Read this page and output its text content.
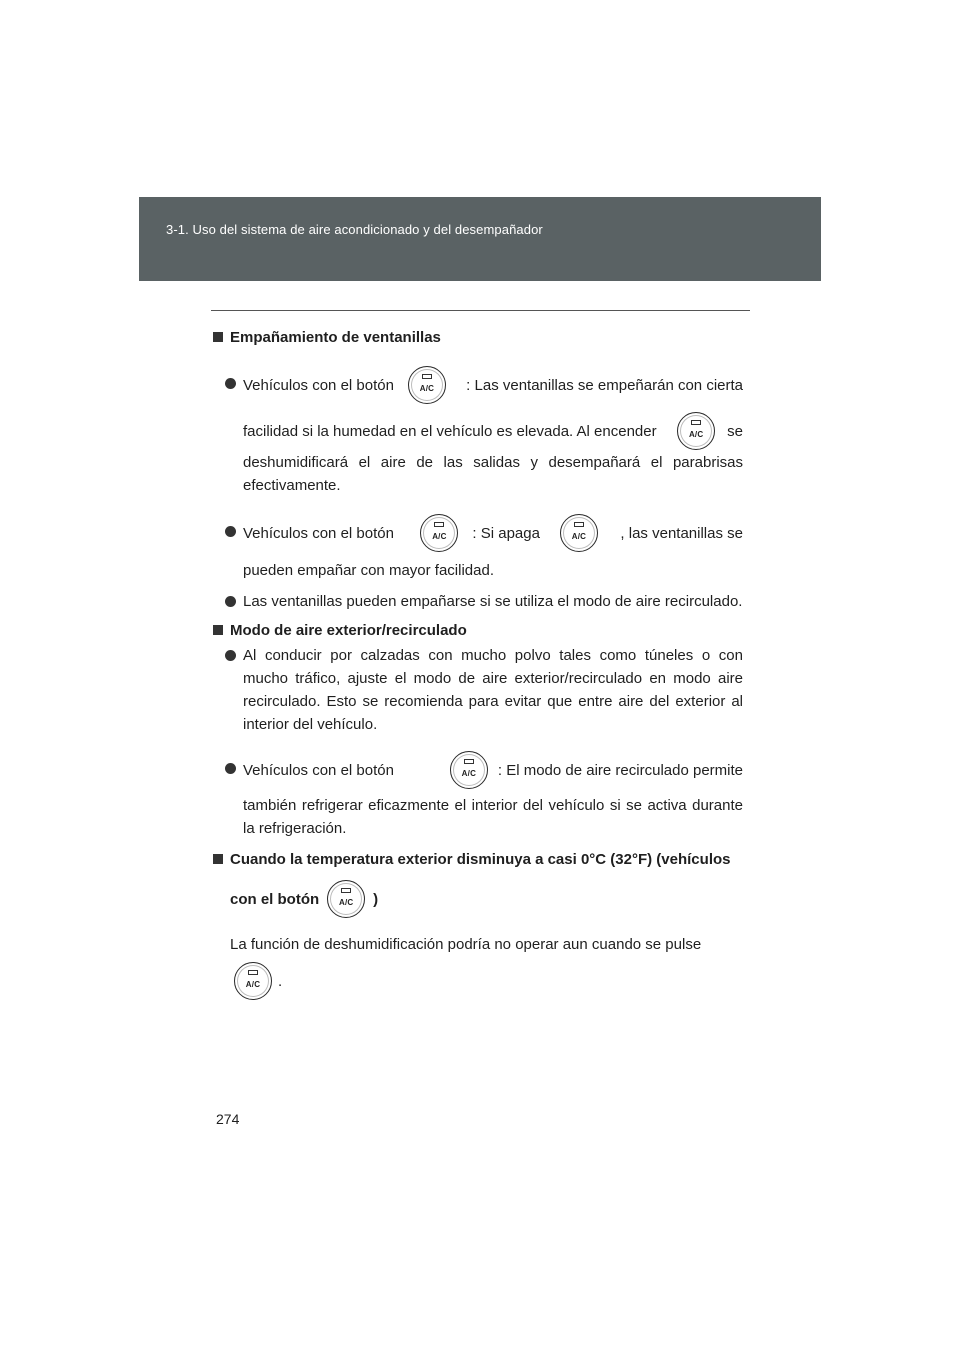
3-1. Uso del sistema de aire acondicionado y del desempañador
Empañamiento de ventanillas
Vehículos con el botón	A/C : Las ventanillas se empeñarán con cierta
facilidad si la humedad en el vehículo es elevada. Al encender	A/C se
deshumidificará el aire de las salidas y desempañará el parabrisas efectivamente.
Vehículos con el botón	A/C : Si apaga	A/C , las ventanillas se
pueden empañar con mayor facilidad.
Las ventanillas pueden empañarse si se utiliza el modo de aire recirculado.
Modo de aire exterior/recirculado
Al conducir por calzadas con mucho polvo tales como túneles o con mucho tráfico, ajuste el modo de aire exterior/recirculado en modo aire recirculado. Esto se recomienda para evitar que entre aire del exterior al interior del vehículo.
Vehículos con el botón	A/C : El modo de aire recirculado permite
también refrigerar eficazmente el interior del vehículo si se activa durante la refrigeración.
Cuando la temperatura exterior disminuya a casi 0°C (32°F) (vehículos
con el botón A/C )
La función de deshumidificación podría no operar aun cuando se pulse
A/C .
274
